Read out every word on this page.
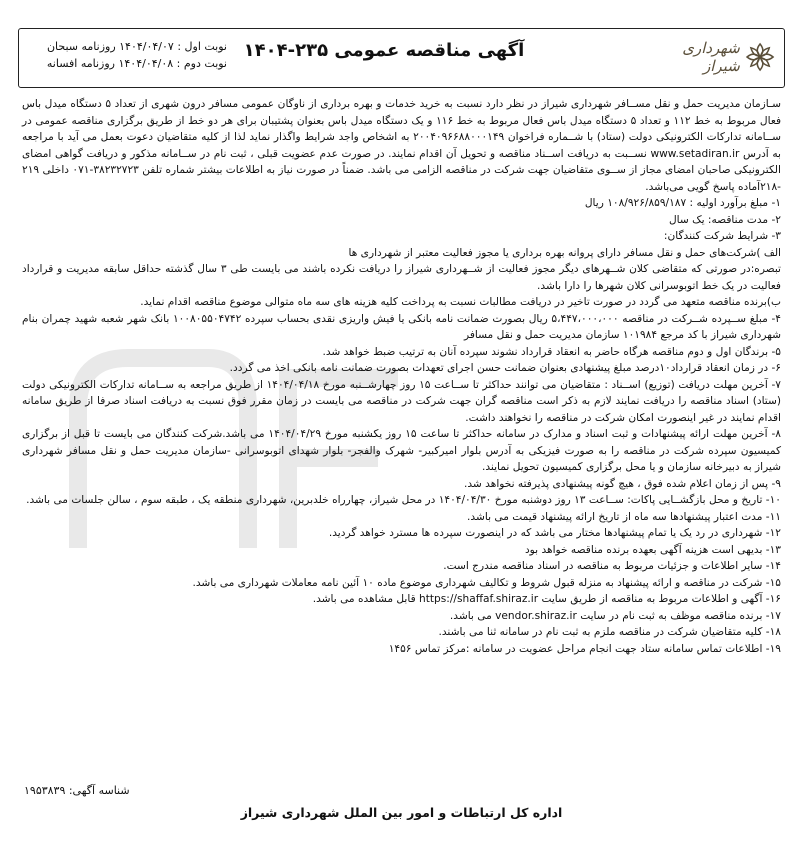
شهرداری شیراز
آگهی مناقصه عمومی ۲۳۵-۱۴۰۴
نوبت اول : ۱۴۰۴/۰۴/۰۷ روزنامه سبحان
نوبت دوم : ۱۴۰۴/۰۴/۰۸ روزنامه افسانه

سـازمان مدیریت حمل و نقل مســافر شهرداری شیراز در نظر دارد نسبت به خرید خدمات و بهره برداری از ناوگان عمومی مسافر درون شهری از تعداد ۵ دستگاه میدل باس فعال مربوط به خط ۱۱۲ و تعداد ۵ دستگاه میدل باس فعال مربوط به خط ۱۱۶ و یک دستگاه میدل باس بعنوان پشتیبان برای هر دو خط از طریق برگزاری مناقصه عمومی در ســامانه تدارکات الکترونیکی دولت (ستاد) با شــماره فراخوان ۲۰۰۴۰۹۶۶۸۸۰۰۰۱۴۹ به اشخاص واجد شرایط واگذار نماید لذا از کلیه متقاضیان دعوت بعمل می آید با مراجعه به آدرس www.setadiran.ir نســبت به دریافت اســناد مناقصه و تحویل آن اقدام نمایند. در صورت عدم عضویت قبلی ، ثبت نام در ســامانه مذکور و دریافت گواهی امضای الکترونیکی صاحبان امضای مجاز از ســوی متقاضیان جهت شرکت در مناقصه الزامی می باشد. ضمناً در صورت نیاز به اطلاعات بیشتر شماره تلفن ۳۸۲۳۲۷۲۳-۰۷۱ داخلی ۲۱۹ -۲۱۸آماده پاسخ گویی می‌باشد.

۱- مبلغ برآورد اولیه : ۱۰۸/۹۲۶/۸۵۹/۱۸۷ ریال

۲- مدت مناقصه: یک سال

۳- شرایط شرکت کنندگان:

الف )شرکت‌های حمل و نقل مسافر دارای پروانه بهره برداری یا مجوز فعالیت معتبر از شهرداری ها

تبصره:در صورتی که متقاضی کلان شــهرهای دیگر مجوز فعالیت از شــهرداری شیراز را دریافت نکرده باشند می بایست طی ۳ سال گذشته حداقل سابقه مدیریت و قرارداد فعالیت در یک خط اتوبوسرانی کلان شهرها را دارا باشد.

ب)برنده مناقصه متعهد می گردد در صورت تاخیر در دریافت مطالبات نسبت به پرداخت کلیه هزینه های سه ماه متوالی موضوع مناقصه اقدام نماید.

۴- مبلغ ســپرده شــرکت در مناقصه ۵،۴۴۷،۰۰۰،۰۰۰ ریال بصورت ضمانت نامه بانکی یا فیش واریزی نقدی بحساب سپرده ۱۰۰۸۰۵۵۰۴۷۴۲ بانک شهر شعبه شهید چمران بنام شهرداری شیراز با کد مرجع ۱۰۱۹۸۴ سازمان مدیریت حمل و نقل مسافر

۵- برندگان اول و دوم مناقصه هرگاه حاضر به انعقاد قرارداد نشوند سپرده آنان به ترتیب ضبط خواهد شد.

۶- در زمان انعقاد قرارداد۱۰درصد مبلغ پیشنهادی بعنوان ضمانت حسن اجرای تعهدات بصورت ضمانت نامه بانکی اخذ می گردد.

۷- آخرین مهلت دریافت (توزیع) اســناد : متقاضیان می توانند حداکثر تا ســاعت ۱۵ روز چهارشــنبه مورخ ۱۴۰۴/۰۴/۱۸ از طریق مراجعه به ســامانه تدارکات الکترونیکی دولت (ستاد) اسناد مناقصه را دریافت نمایند لازم به ذکر است مناقصه گران جهت شرکت در مناقصه می بایست در زمان مقرر فوق نسبت به دریافت اسناد صرفا از طریق سامانه اقدام نمایند در غیر اینصورت امکان شرکت در مناقصه را نخواهند داشت.

۸- آخرین مهلت ارائه پیشنهادات و ثبت اسناد و مدارک در سامانه حداکثر تا ساعت ۱۵ روز یکشنبه مورخ ۱۴۰۴/۰۴/۲۹ می باشد.شرکت کنندگان می بایست تا قبل از برگزاری کمیسیون سپرده شرکت در مناقصه را به صورت فیزیکی به آدرس بلوار امیرکبیر- شهرک والفجر- بلوار شهدای اتوبوسرانی -سازمان مدیریت حمل و نقل مسافر شهرداری شیراز به دبیرخانه سازمان و یا محل برگزاری کمیسیون تحویل نمایند.

۹- پس از زمان اعلام شده فوق ، هیچ گونه پیشنهادی پذیرفته نخواهد شد.

۱۰- تاریخ و محل بازگشــایی پاکات: ســاعت ۱۳ روز دوشنبه مورخ ۱۴۰۴/۰۴/۳۰ در محل شیراز، چهارراه خلدبرین، شهرداری منطقه یک ، طبقه سوم ، سالن جلسات می باشد.

۱۱- مدت اعتبار پیشنهادها سه ماه از تاریخ ارائه پیشنهاد قیمت می باشد.

۱۲- شهرداری در رد یک یا تمام پیشنهادها مختار می باشد که در اینصورت سپرده ها مسترد خواهد گردید.

۱۳- بدیهی است هزینه آگهی بعهده برنده مناقصه خواهد بود

۱۴- سایر اطلاعات و جزئیات مربوط به مناقصه در اسناد مناقصه مندرج است.

۱۵- شرکت در مناقصه و ارائه پیشنهاد به منزله قبول شروط و تکالیف شهرداری موضوع ماده ۱۰ آئین نامه معاملات شهرداری می باشد.

۱۶- آگهی و اطلاعات مربوط به مناقصه از طریق سایت https://shaffaf.shiraz.ir قابل مشاهده می باشد.

۱۷- برنده مناقصه موظف به ثبت نام در سایت vendor.shiraz.ir می باشد.

۱۸- کلیه متقاضیان شرکت در مناقصه ملزم به ثبت نام در سامانه ثنا می باشند.

۱۹- اطلاعات تماس سامانه ستاد جهت انجام مراحل عضویت در سامانه :مرکز تماس ۱۴۵۶

شناسه آگهی: ۱۹۵۳۸۳۹
اداره کل ارتباطات و امور بین الملل شهرداری شیراز
